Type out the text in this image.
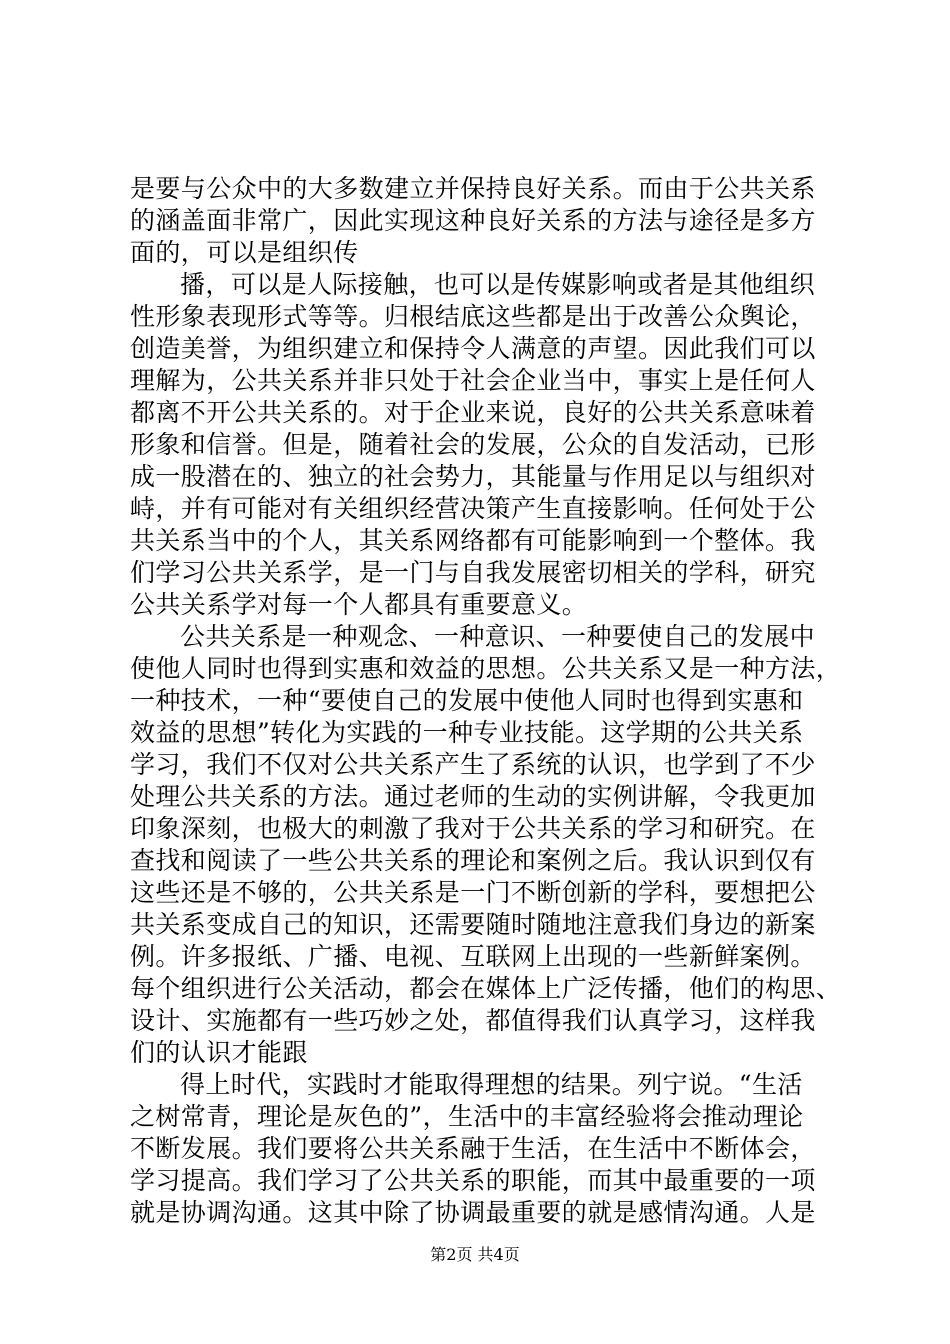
是要与公众中的大多数建立并保持良好关系。而由于公共关系
的涵盖面非常广，因此实现这种良好关系的方法与途径是多方
面的，可以是组织传
播，可以是人际接触，也可以是传媒影响或者是其他组织
性形象表现形式等等。归根结底这些都是出于改善公众舆论，
创造美誉，为组织建立和保持令人满意的声望。因此我们可以
理解为，公共关系并非只处于社会企业当中，事实上是任何人
都离不开公共关系的。对于企业来说，良好的公共关系意味着
形象和信誉。但是，随着社会的发展，公众的自发活动，已形
成一股潜在的、独立的社会势力，其能量与作用足以与组织对
峙，并有可能对有关组织经营决策产生直接影响。任何处于公
共关系当中的个人，其关系网络都有可能影响到一个整体。我
们学习公共关系学，是一门与自我发展密切相关的学科，研究
公共关系学对每一个人都具有重要意义。
公共关系是一种观念、一种意识、一种要使自己的发展中
使他人同时也得到实惠和效益的思想。公共关系又是一种方法，
一种技术，一种“要使自己的发展中使他人同时也得到实惠和
效益的思想”转化为实践的一种专业技能。这学期的公共关系
学习，我们不仅对公共关系产生了系统的认识，也学到了不少
处理公共关系的方法。通过老师的生动的实例讲解，令我更加
印象深刻，也极大的刺激了我对于公共关系的学习和研究。在
查找和阅读了一些公共关系的理论和案例之后。我认识到仅有
这些还是不够的，公共关系是一门不断创新的学科，要想把公
共关系变成自己的知识，还需要随时随地注意我们身边的新案
例。许多报纸、广播、电视、互联网上出现的一些新鲜案例。
每个组织进行公关活动，都会在媒体上广泛传播，他们的构思、
设计、实施都有一些巧妙之处，都值得我们认真学习，这样我
们的认识才能跟
得上时代，实践时才能取得理想的结果。列宁说。“生活
之树常青，理论是灰色的”，生活中的丰富经验将会推动理论
不断发展。我们要将公共关系融于生活，在生活中不断体会，
学习提高。我们学习了公共关系的职能，而其中最重要的一项
就是协调沟通。这其中除了协调最重要的就是感情沟通。人是
第2页 共4页
